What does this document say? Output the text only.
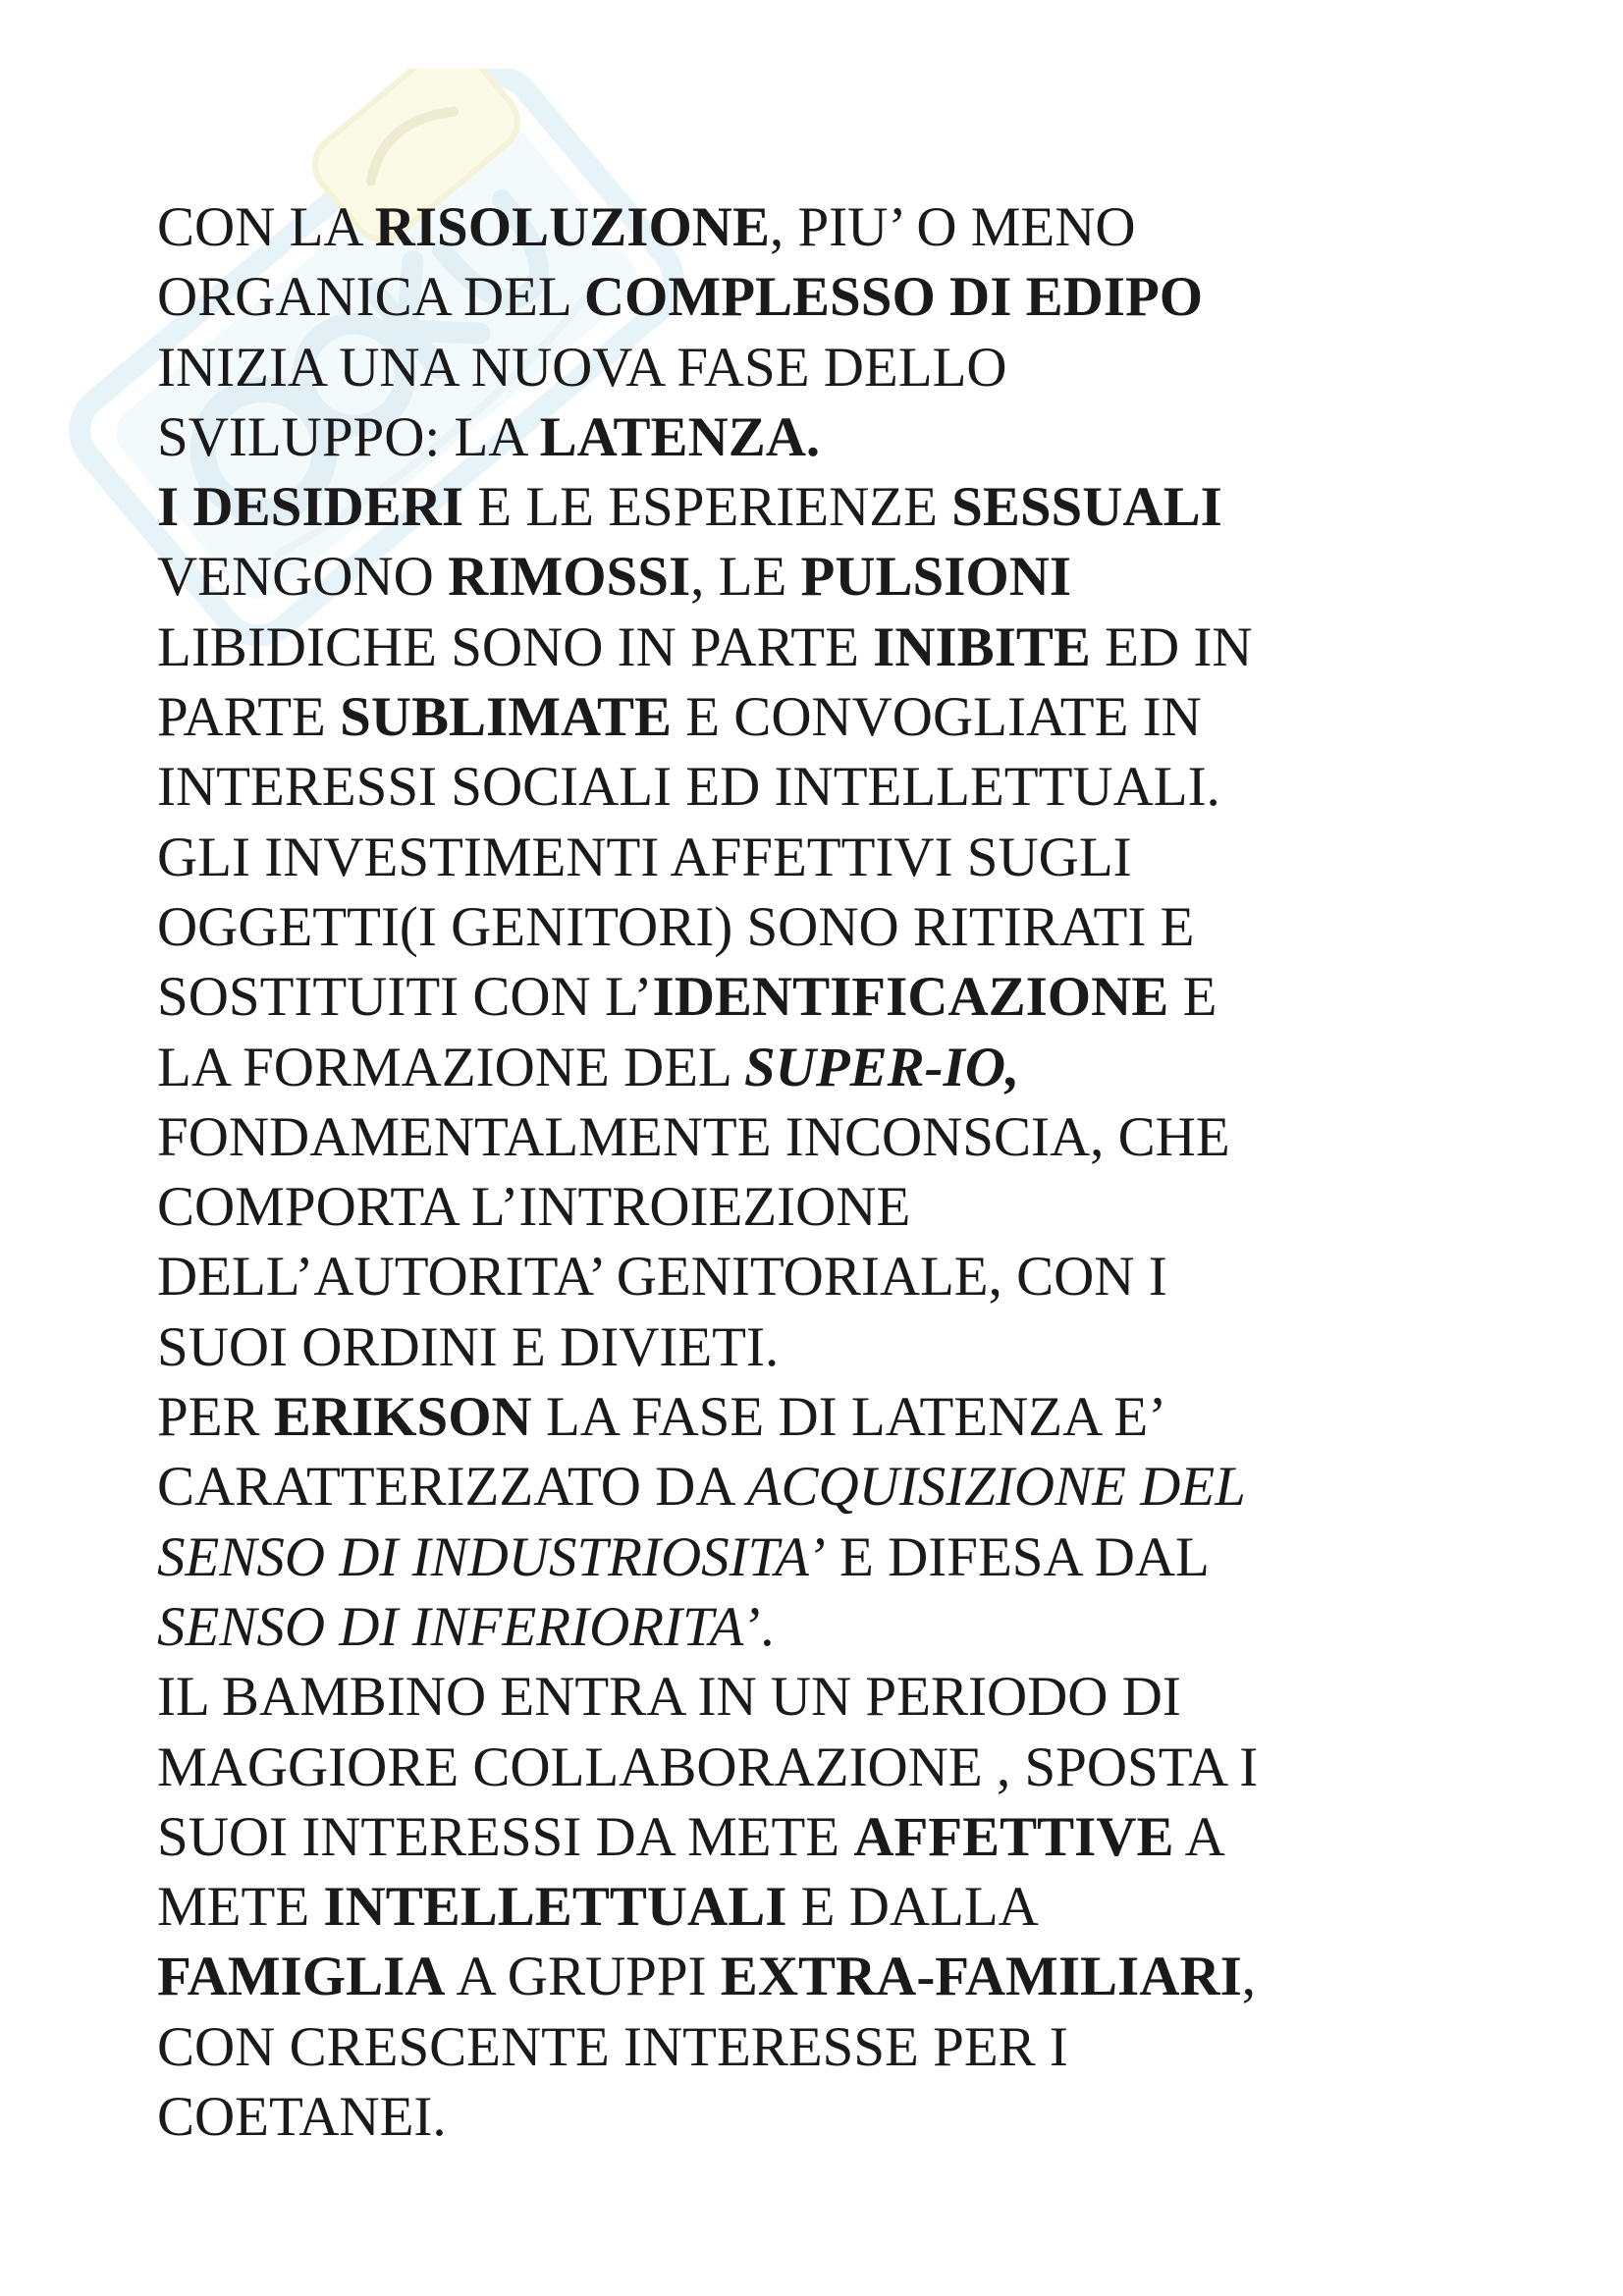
CON LA RISOLUZIONE, PIU’ O MENO
ORGANICA DEL COMPLESSO DI EDIPO
INIZIA UNA NUOVA FASE DELLO
SVILUPPO: LA LATENZA.
I DESIDERI E LE ESPERIENZE SESSUALI
VENGONO RIMOSSI, LE PULSIONI
LIBIDICHE SONO IN PARTE INIBITE ED IN
PARTE SUBLIMATE E CONVOGLIATE IN
INTERESSI SOCIALI ED INTELLETTUALI.
GLI INVESTIMENTI AFFETTIVI SUGLI
OGGETTI(I GENITORI) SONO RITIRATI E
SOSTITUITI CON L’IDENTIFICAZIONE E
LA FORMAZIONE DEL SUPER-IO,
FONDAMENTALMENTE INCONSCIA, CHE
COMPORTA L’INTROIEZIONE
DELL’AUTORITA’ GENITORIALE, CON I
SUOI ORDINI E DIVIETI.
PER ERIKSON LA FASE DI LATENZA E’
CARATTERIZZATO DA ACQUISIZIONE DEL
SENSO DI INDUSTRIOSITA’ E DIFESA DAL
SENSO DI INFERIORITA’.
IL BAMBINO ENTRA IN UN PERIODO DI
MAGGIORE COLLABORAZIONE , SPOSTA I
SUOI INTERESSI DA METE AFFETTIVE A
METE INTELLETTUALI E DALLA
FAMIGLIA A GRUPPI EXTRA-FAMILIARI,
CON CRESCENTE INTERESSE PER I
COETANEI.
